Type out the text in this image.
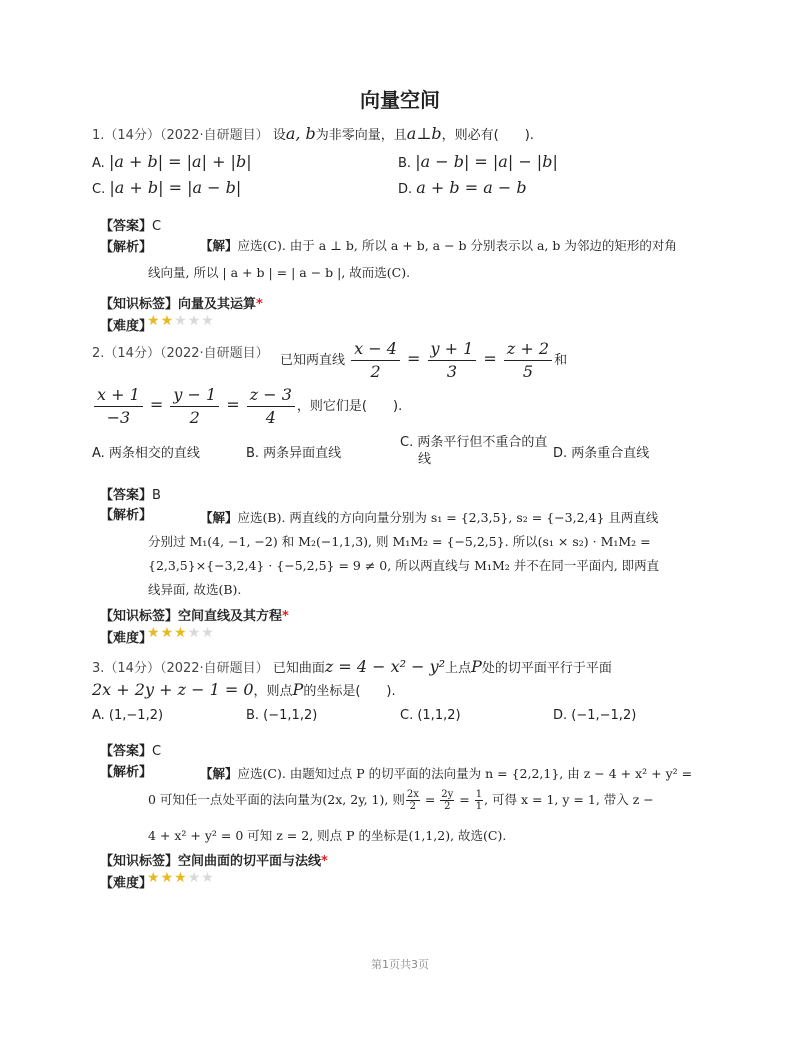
向量空间
1.（14分）（2022·自研题目） 设a, b为非零向量，且a⊥b，则必有(　　).
A. |a + b| = |a| + |b|	B. |a − b| = |a| − |b|
C. |a + b| = |a − b|	D. a + b = a − b
【答案】C
【解析】	【解】应选(C). 由于 a ⊥ b, 所以 a + b, a − b 分别表示以 a, b 为邻边的矩形的对角
线向量, 所以 | a + b | = | a − b |, 故而选(C).
【知识标签】向量及其运算*
【难度】
★★★★★
2.（14分）（2022·自研题目） 已知两直线 $\frac{x - 4}{2} = \frac{y + 1}{3} = \frac{z + 2}{5}$ 和
$\frac{x + 1}{-3} = \frac{y - 1}{2} = \frac{z - 3}{4}$ ，则它们是(　　).
A. 两条相交的直线	B. 两条异面直线
C. 两条平行但不重合的直
线	D. 两条重合直线
【答案】B
【解析】	【解】应选(B). 两直线的方向向量分别为 s₁ = {2,3,5}, s₂ = {−3,2,4} 且两直线
分别过 M₁(4, −1, −2) 和 M₂(−1,1,3), 则 M₁M₂ = {−5,2,5}. 所以(s₁ × s₂) · M₁M₂ =
{2,3,5}×{−3,2,4} · {−5,2,5} = 9 ≠ 0, 所以两直线与 M₁M₂ 并不在同一平面内, 即两直
线异面, 故选(B).
【知识标签】空间直线及其方程*
【难度】
★★★★★
3.（14分）（2022·自研题目） 已知曲面z = 4 − x² − y²上点P处的切平面平行于平面
2x + 2y + z − 1 = 0，则点P的坐标是(　　).
A. (1,−1,2)	B. (−1,1,2)	C. (1,1,2)	D. (−1,−1,2)
【答案】C
【解析】	【解】应选(C). 由题知过点 P 的切平面的法向量为 n = {2,2,1}, 由 z − 4 + x² + y² =
0 可知任一点处平面的法向量为(2x, 2y, 1), 则 $\frac{2x}{2} = \frac{2y}{2} = \frac{1}{1}$ , 可得 x = 1, y = 1, 带入 z −
4 + x² + y² = 0 可知 z = 2, 则点 P 的坐标是(1,1,2), 故选(C).
【知识标签】空间曲面的切平面与法线*
【难度】
★★★★★
第1页共3页
